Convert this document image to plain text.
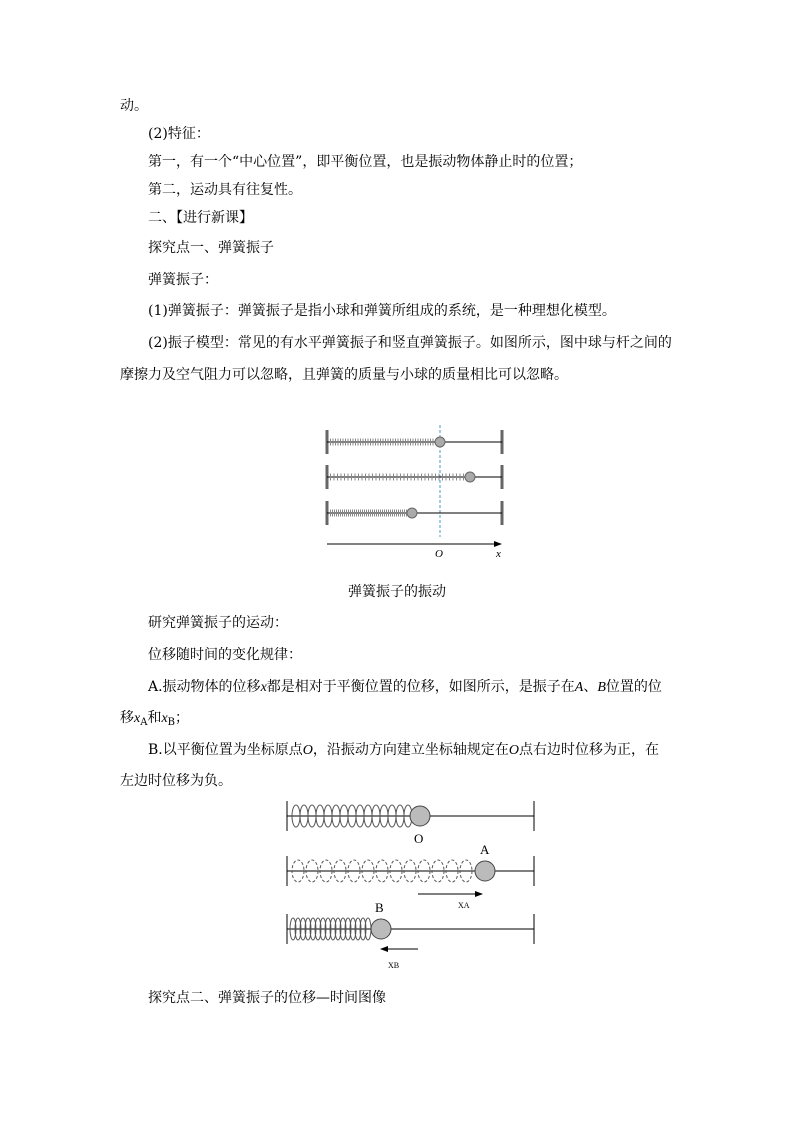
动。
(2)特征：
第一，有一个“中心位置”，即平衡位置，也是振动物体静止时的位置；
第二，运动具有往复性。
二、【进行新课】
探究点一、弹簧振子
弹簧振子：
(1)弹簧振子：弹簧振子是指小球和弹簧所组成的系统，是一种理想化模型。
(2)振子模型：常见的有水平弹簧振子和竖直弹簧振子。如图所示，图中球与杆之间的
摩擦力及空气阻力可以忽略，且弹簧的质量与小球的质量相比可以忽略。
O	x
弹簧振子的振动
研究弹簧振子的运动：
位移随时间的变化规律：
A.振动物体的位移x都是相对于平衡位置的位移，如图所示，是振子在A、B位置的位
移$x_A$和$x_B$；
B.以平衡位置为坐标原点O，沿振动方向建立坐标轴规定在O点右边时位移为正，在
左边时位移为负。
O
A
XA
B
XB
探究点二、弹簧振子的位移—时间图像
